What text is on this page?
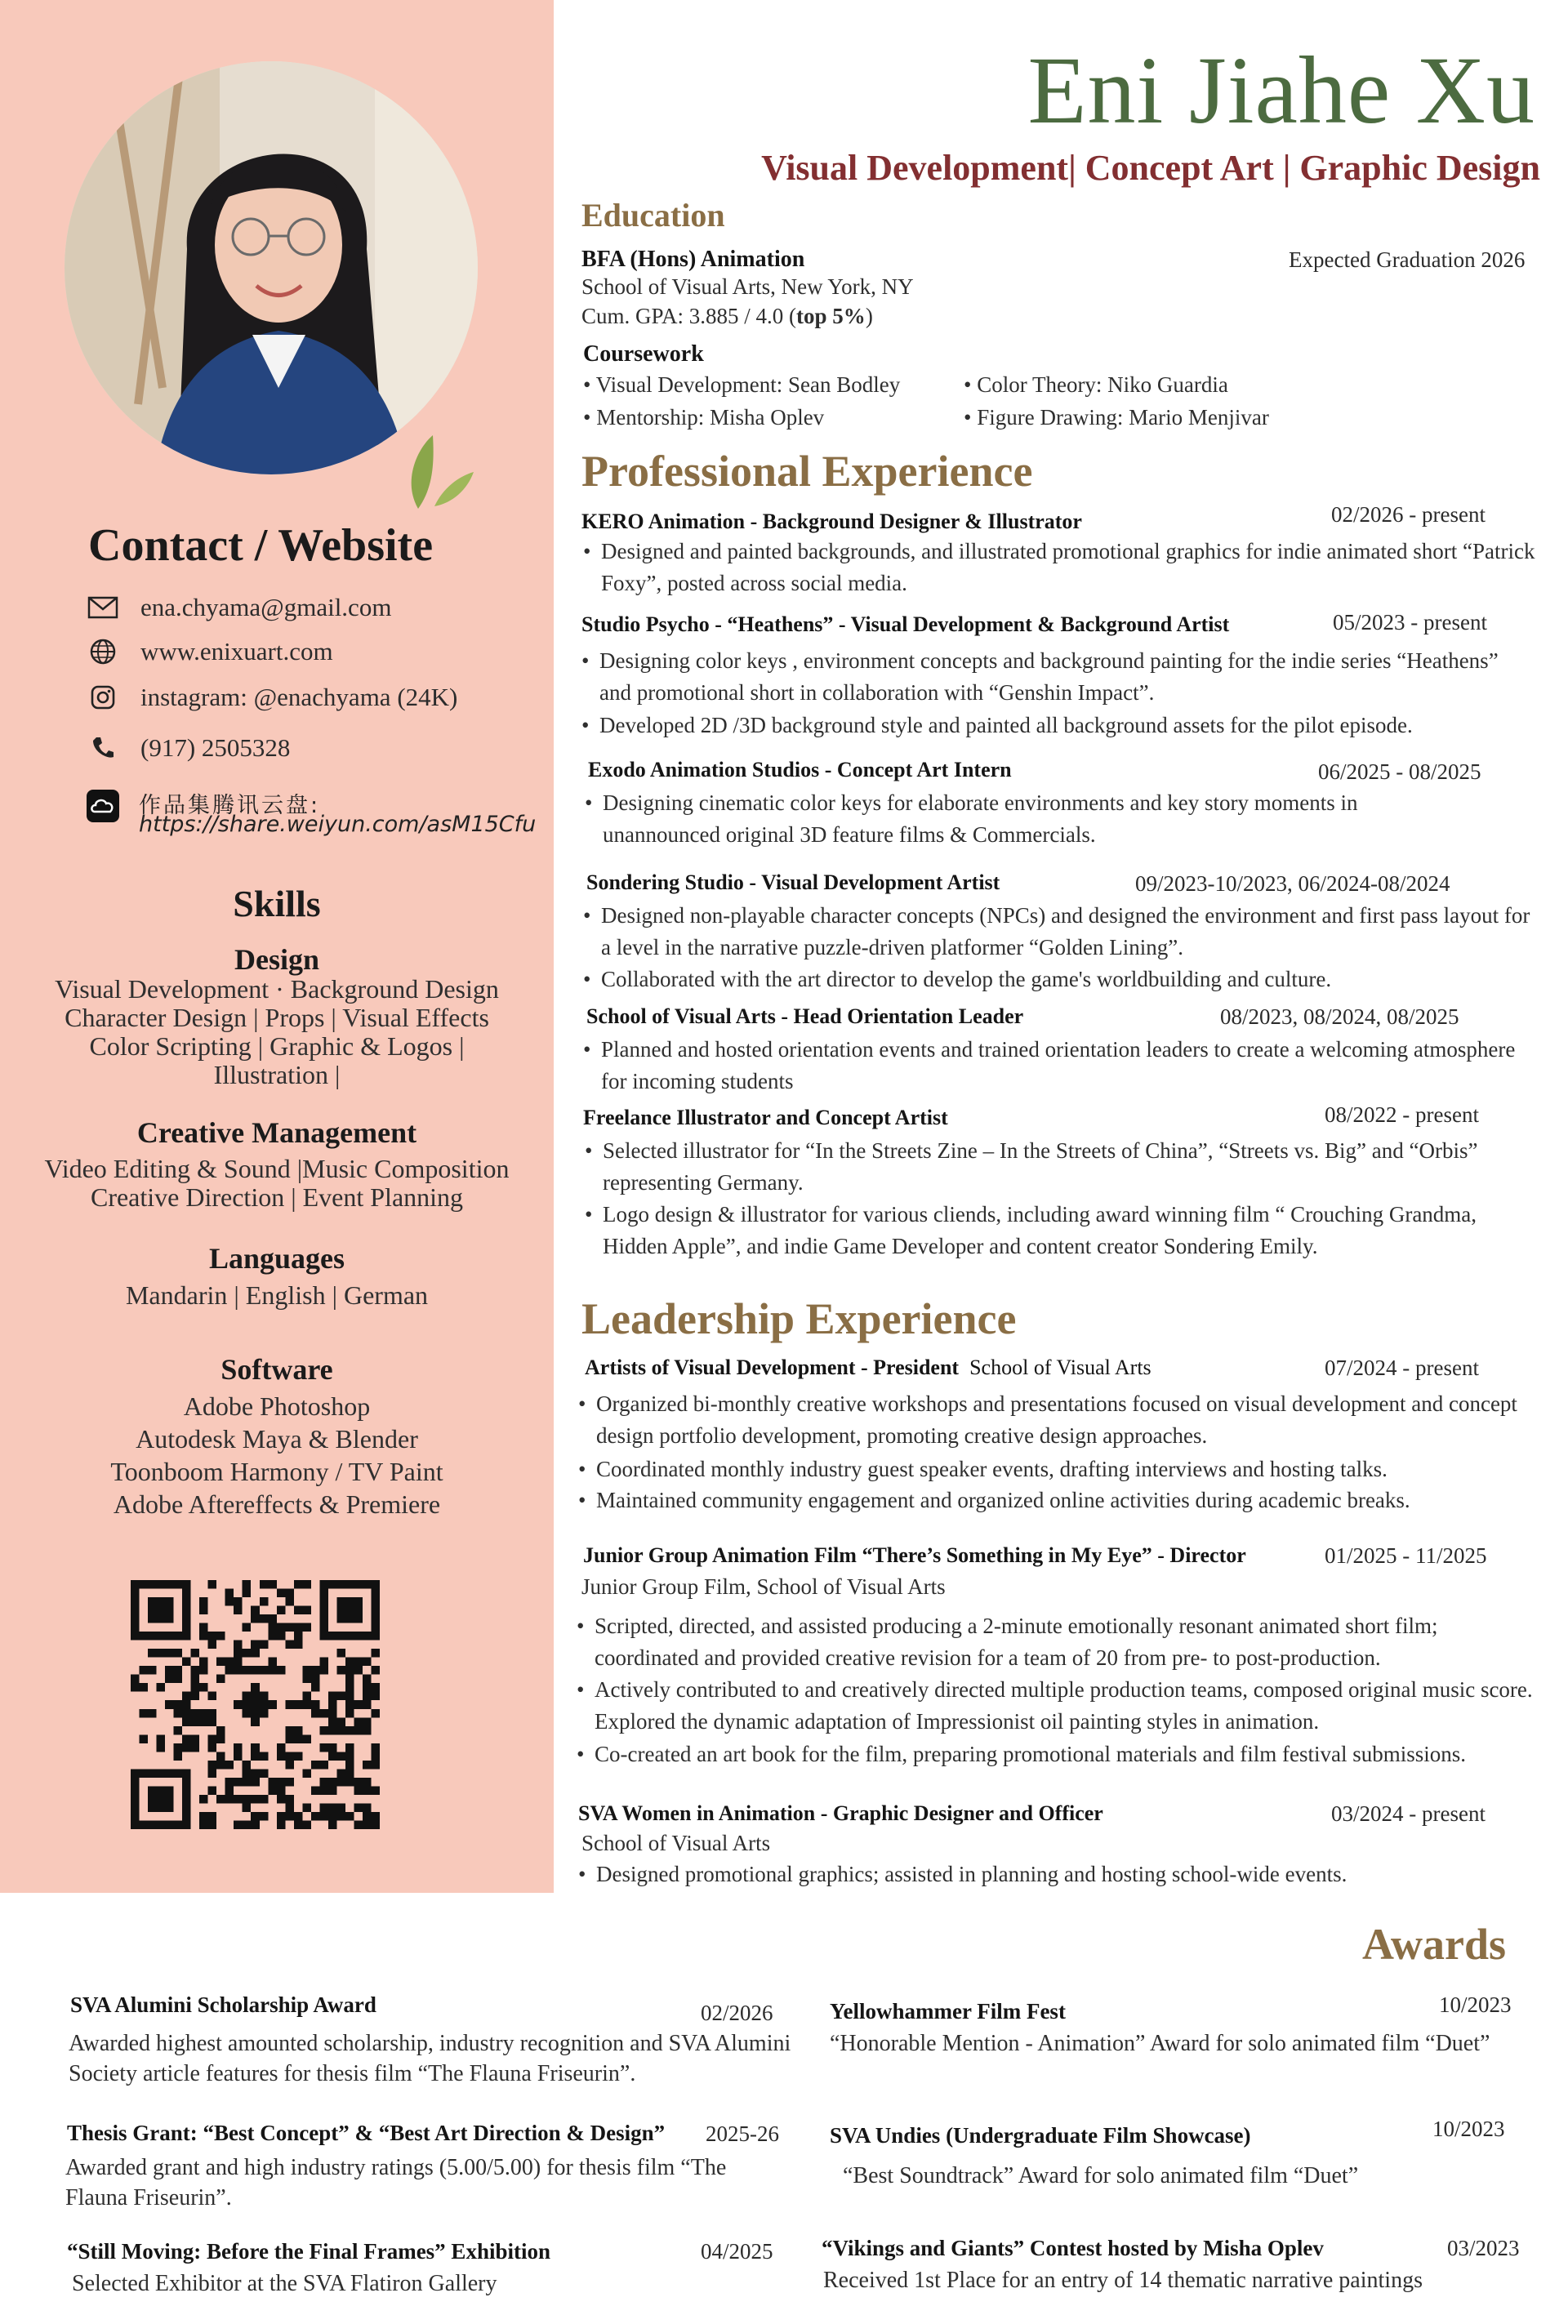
Contact / Website
ena.chyama@gmail.com
www.enixuart.com
instagram: @enachyama (24K)
(917) 2505328
作品集腾讯云盘:
https://share.weiyun.com/asM15Cfu
Skills
Design
Visual Development · Background Design
Character Design | Props | Visual Effects
Color Scripting | Graphic & Logos |
Illustration |
Creative Management
Video Editing & Sound |Music Composition
Creative Direction | Event Planning
Languages
Mandarin | English | German
Software
Adobe Photoshop
Autodesk Maya & Blender
Toonboom Harmony / TV Paint
Adobe Aftereffects & Premiere
Eni Jiahe Xu
Visual Development| Concept Art | Graphic Design
Education
BFA (Hons) Animation	Expected Graduation 2026
School of Visual Arts, New York, NY
Cum. GPA: 3.885 / 4.0 (top 5%)
Coursework
• Visual Development: Sean Bodley	• Color Theory: Niko Guardia
• Mentorship: Misha Oplev	• Figure Drawing: Mario Menjivar
Professional Experience
KERO Animation - Background Designer & Illustrator	02/2026 - present
• Designed and painted backgrounds, and illustrated promotional graphics for indie animated short “Patrick Foxy”, posted across social media.
Studio Psycho - “Heathens” - Visual Development & Background Artist	05/2023 - present
• Designing color keys , environment concepts and background painting for the indie series “Heathens” and promotional short in collaboration with “Genshin Impact”.
• Developed 2D /3D background style and painted all background assets for the pilot episode.
Exodo Animation Studios - Concept Art Intern	06/2025 - 08/2025
• Designing cinematic color keys for elaborate environments and key story moments in unannounced original 3D feature films & Commercials.
Sondering Studio - Visual Development Artist	09/2023-10/2023, 06/2024-08/2024
• Designed non-playable character concepts (NPCs) and designed the environment and first pass layout for a level in the narrative puzzle-driven platformer “Golden Lining”.
• Collaborated with the art director to develop the game's worldbuilding and culture.
School of Visual Arts - Head Orientation Leader	08/2023, 08/2024, 08/2025
• Planned and hosted orientation events and trained orientation leaders to create a welcoming atmosphere for incoming students
Freelance Illustrator and Concept Artist	08/2022 - present
• Selected illustrator for “In the Streets Zine – In the Streets of China”, “Streets vs. Big” and “Orbis” representing Germany.
• Logo design & illustrator for various cliends, including award winning film “ Crouching Grandma, Hidden Apple”, and indie Game Developer and content creator Sondering Emily.
Leadership Experience
Artists of Visual Development - President School of Visual Arts	07/2024 - present
• Organized bi-monthly creative workshops and presentations focused on visual development and concept design portfolio development, promoting creative design approaches.
• Coordinated monthly industry guest speaker events, drafting interviews and hosting talks.
• Maintained community engagement and organized online activities during academic breaks.
Junior Group Animation Film “There’s Something in My Eye” - Director	01/2025 - 11/2025
Junior Group Film, School of Visual Arts
• Scripted, directed, and assisted producing a 2-minute emotionally resonant animated short film; coordinated and provided creative revision for a team of 20 from pre- to post-production.
• Actively contributed to and creatively directed multiple production teams, composed original music score. Explored the dynamic adaptation of Impressionist oil painting styles in animation.
• Co-created an art book for the film, preparing promotional materials and film festival submissions.
SVA Women in Animation - Graphic Designer and Officer	03/2024 - present
School of Visual Arts
• Designed promotional graphics; assisted in planning and hosting school-wide events.
Awards
SVA Alumini Scholarship Award	02/2026
Awarded highest amounted scholarship, industry recognition and SVA Alumini Society article features for thesis film “The Flauna Friseurin”.
Thesis Grant: “Best Concept” & “Best Art Direction & Design” 2025-26
Awarded grant and high industry ratings (5.00/5.00) for thesis film “The Flauna Friseurin”.
“Still Moving: Before the Final Frames” Exhibition	04/2025
Selected Exhibitor at the SVA Flatiron Gallery
Yellowhammer Film Fest	10/2023
“Honorable Mention - Animation” Award for solo animated film “Duet”
SVA Undies (Undergraduate Film Showcase)	10/2023
“Best Soundtrack” Award for solo animated film “Duet”
“Vikings and Giants” Contest hosted by Misha Oplev	03/2023
Received 1st Place for an entry of 14 thematic narrative paintings
